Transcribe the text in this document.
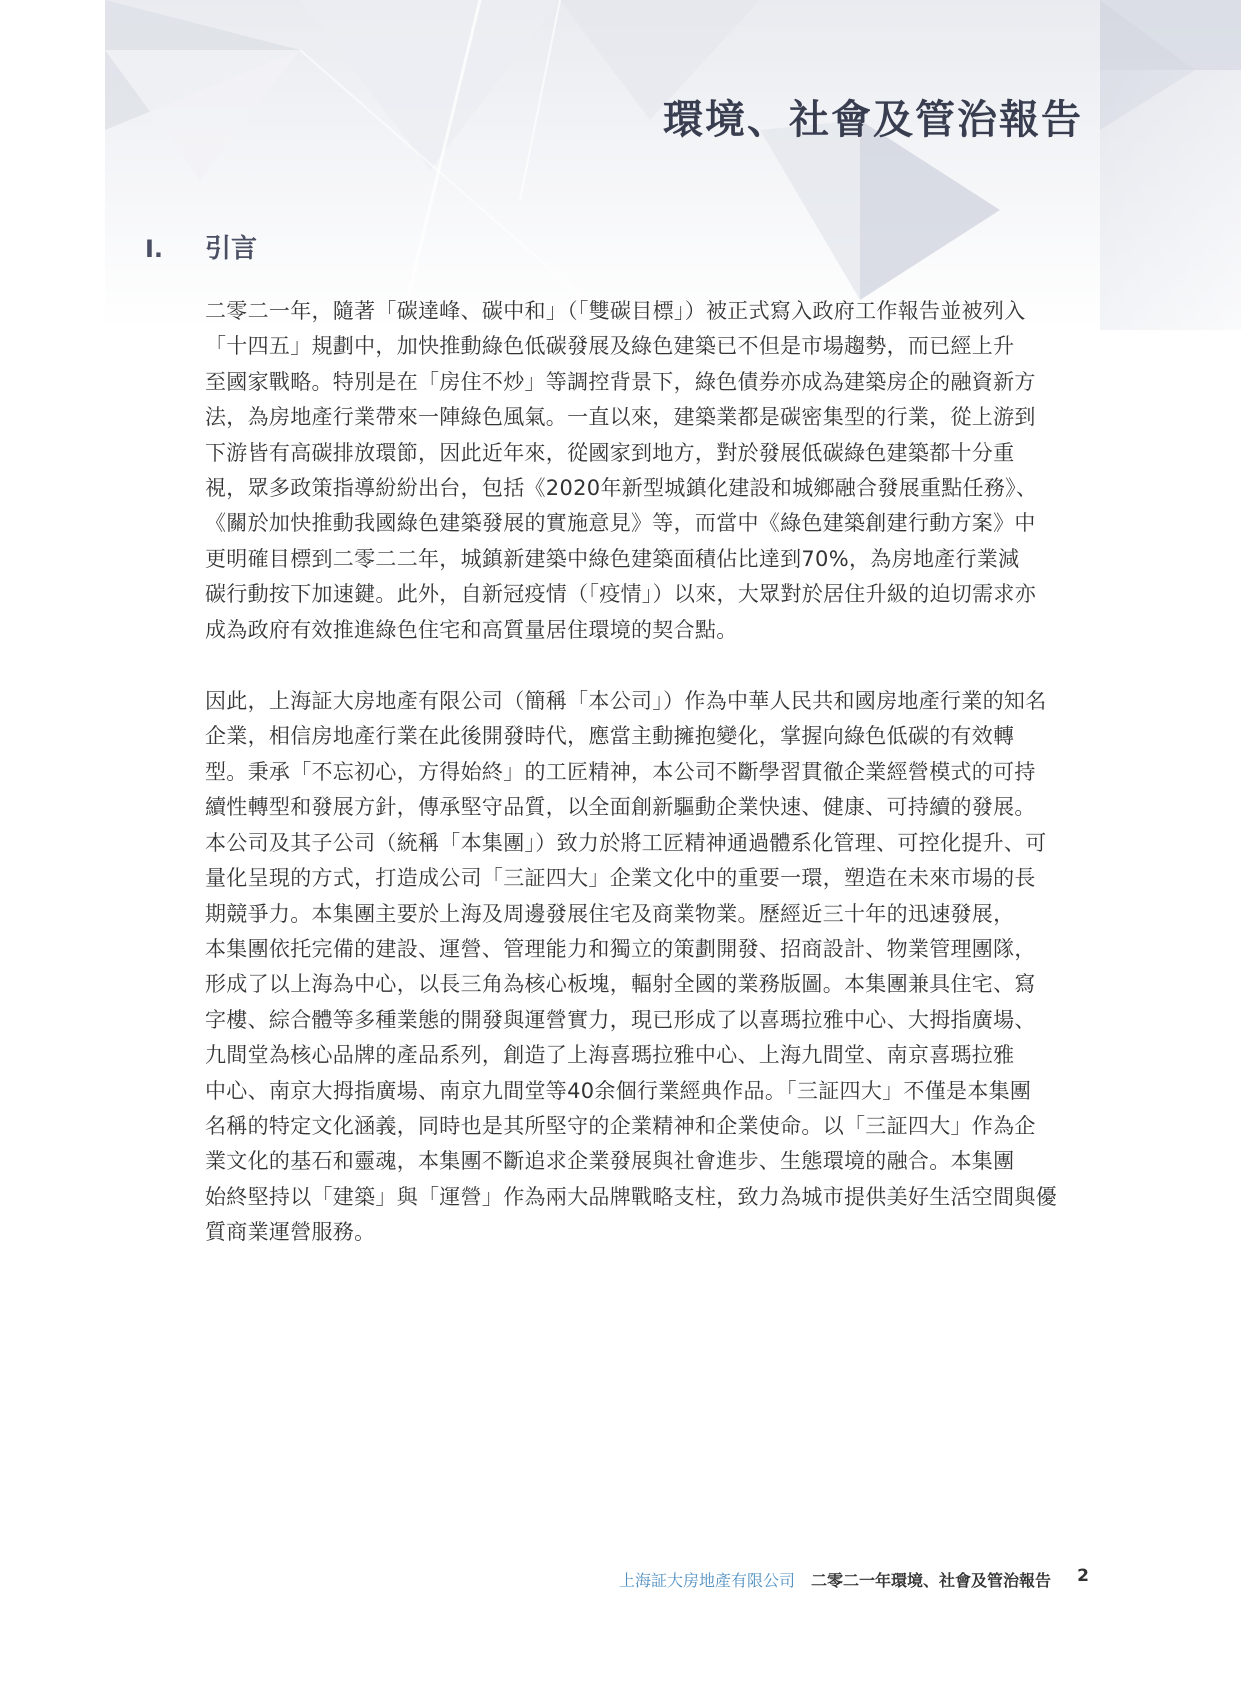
環境、社會及管治報告
I.	引言

二零二一年，隨著「碳達峰、碳中和」（「雙碳目標」）被正式寫入政府工作報告並被列入
「十四五」規劃中，加快推動綠色低碳發展及綠色建築已不但是市場趨勢，而已經上升
至國家戰略。特別是在「房住不炒」等調控背景下，綠色債券亦成為建築房企的融資新方
法，為房地產行業帶來一陣綠色風氣。一直以來，建築業都是碳密集型的行業，從上游到
下游皆有高碳排放環節，因此近年來，從國家到地方，對於發展低碳綠色建築都十分重
視，眾多政策指導紛紛出台，包括《2020年新型城鎮化建設和城鄉融合發展重點任務》、
《關於加快推動我國綠色建築發展的實施意見》等，而當中《綠色建築創建行動方案》中
更明確目標到二零二二年，城鎮新建築中綠色建築面積佔比達到70%，為房地產行業減
碳行動按下加速鍵。此外，自新冠疫情（「疫情」）以來，大眾對於居住升級的迫切需求亦
成為政府有效推進綠色住宅和高質量居住環境的契合點。

因此，上海証大房地產有限公司（簡稱「本公司」）作為中華人民共和國房地產行業的知名
企業，相信房地產行業在此後開發時代，應當主動擁抱變化，掌握向綠色低碳的有效轉
型。秉承「不忘初心，方得始終」的工匠精神，本公司不斷學習貫徹企業經營模式的可持
續性轉型和發展方針，傳承堅守品質，以全面創新驅動企業快速、健康、可持續的發展。
本公司及其子公司（統稱「本集團」）致力於將工匠精神通過體系化管理、可控化提升、可
量化呈現的方式，打造成公司「三証四大」企業文化中的重要一環，塑造在未來市場的長
期競爭力。本集團主要於上海及周邊發展住宅及商業物業。歷經近三十年的迅速發展，
本集團依托完備的建設、運營、管理能力和獨立的策劃開發、招商設計、物業管理團隊，
形成了以上海為中心，以長三角為核心板塊，輻射全國的業務版圖。本集團兼具住宅、寫
字樓、綜合體等多種業態的開發與運營實力，現已形成了以喜瑪拉雅中心、大拇指廣場、
九間堂為核心品牌的產品系列，創造了上海喜瑪拉雅中心、上海九間堂、南京喜瑪拉雅
中心、南京大拇指廣場、南京九間堂等40余個行業經典作品。「三証四大」不僅是本集團
名稱的特定文化涵義，同時也是其所堅守的企業精神和企業使命。以「三証四大」作為企
業文化的基石和靈魂，本集團不斷追求企業發展與社會進步、生態環境的融合。本集團
始終堅持以「建築」與「運營」作為兩大品牌戰略支柱，致力為城市提供美好生活空間與優
質商業運營服務。

上海証大房地產有限公司 二零二一年環境、社會及管治報告 2
